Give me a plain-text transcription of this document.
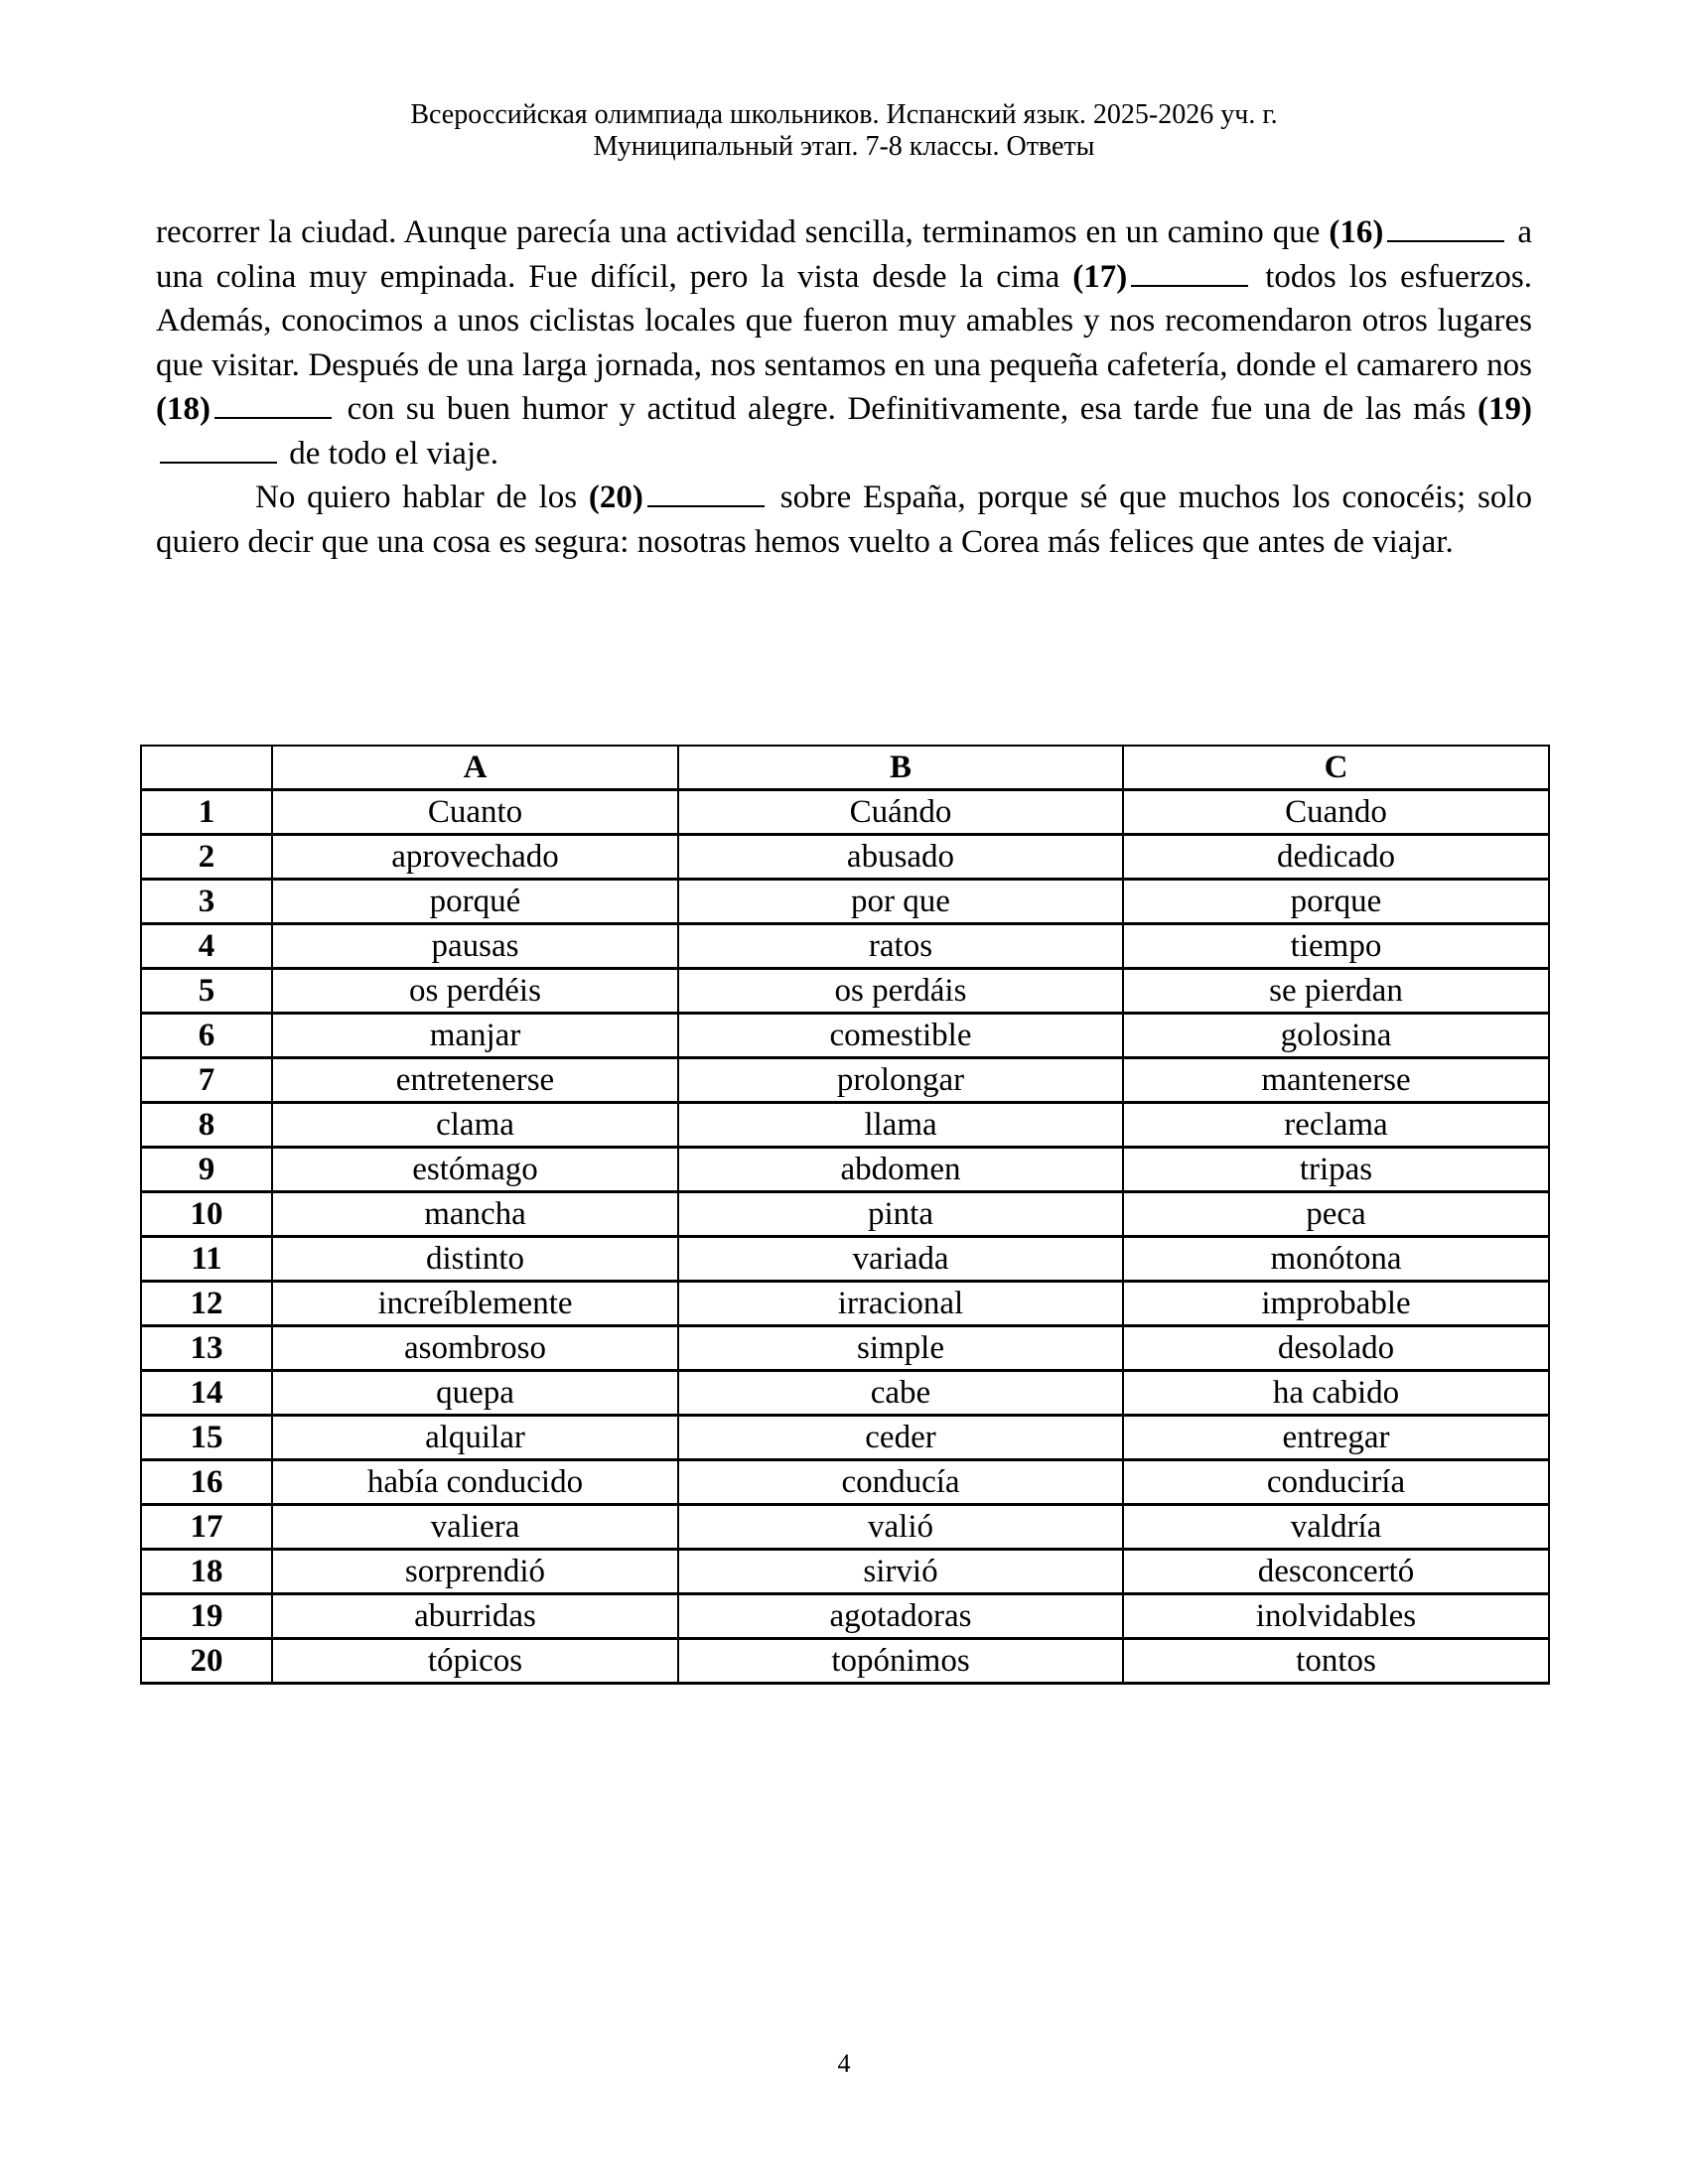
Всероссийская олимпиада школьников. Испанский язык. 2025-2026 уч. г.
Муниципальный этап. 7-8 классы. Ответы

recorrer la ciudad. Aunque parecía una actividad sencilla, terminamos en un camino que (16)	a una colina muy empinada. Fue difícil, pero la vista desde la cima (17)	todos los esfuerzos. Además, conocimos a unos ciclistas locales que fueron muy amables y nos recomendaron otros lugares que visitar. Después de una larga jornada, nos sentamos en una pequeña cafetería, donde el camarero nos (18)	con su buen humor y actitud alegre. Definitivamente, esa tarde fue una de las más (19) de todo el viaje.

No quiero hablar de los (20)	sobre España, porque sé que muchos los conocéis; solo quiero decir que una cosa es segura: nosotras hemos vuelto a Corea más felices que antes de viajar.

	A	B	C
1	Cuanto	Cuándo	Cuando
2	aprovechado	abusado	dedicado
3	porqué	por que	porque
4	pausas	ratos	tiempo
5	os perdéis	os perdáis	se pierdan
6	manjar	comestible	golosina
7	entretenerse	prolongar	mantenerse
8	clama	llama	reclama
9	estómago	abdomen	tripas
10	mancha	pinta	peca
11	distinto	variada	monótona
12	increíblemente	irracional	improbable
13	asombroso	simple	desolado
14	quepa	cabe	ha cabido
15	alquilar	ceder	entregar
16	había conducido	conducía	conduciría
17	valiera	valió	valdría
18	sorprendió	sirvió	desconcertó
19	aburridas	agotadoras	inolvidables
20	tópicos	topónimos	tontos
4
